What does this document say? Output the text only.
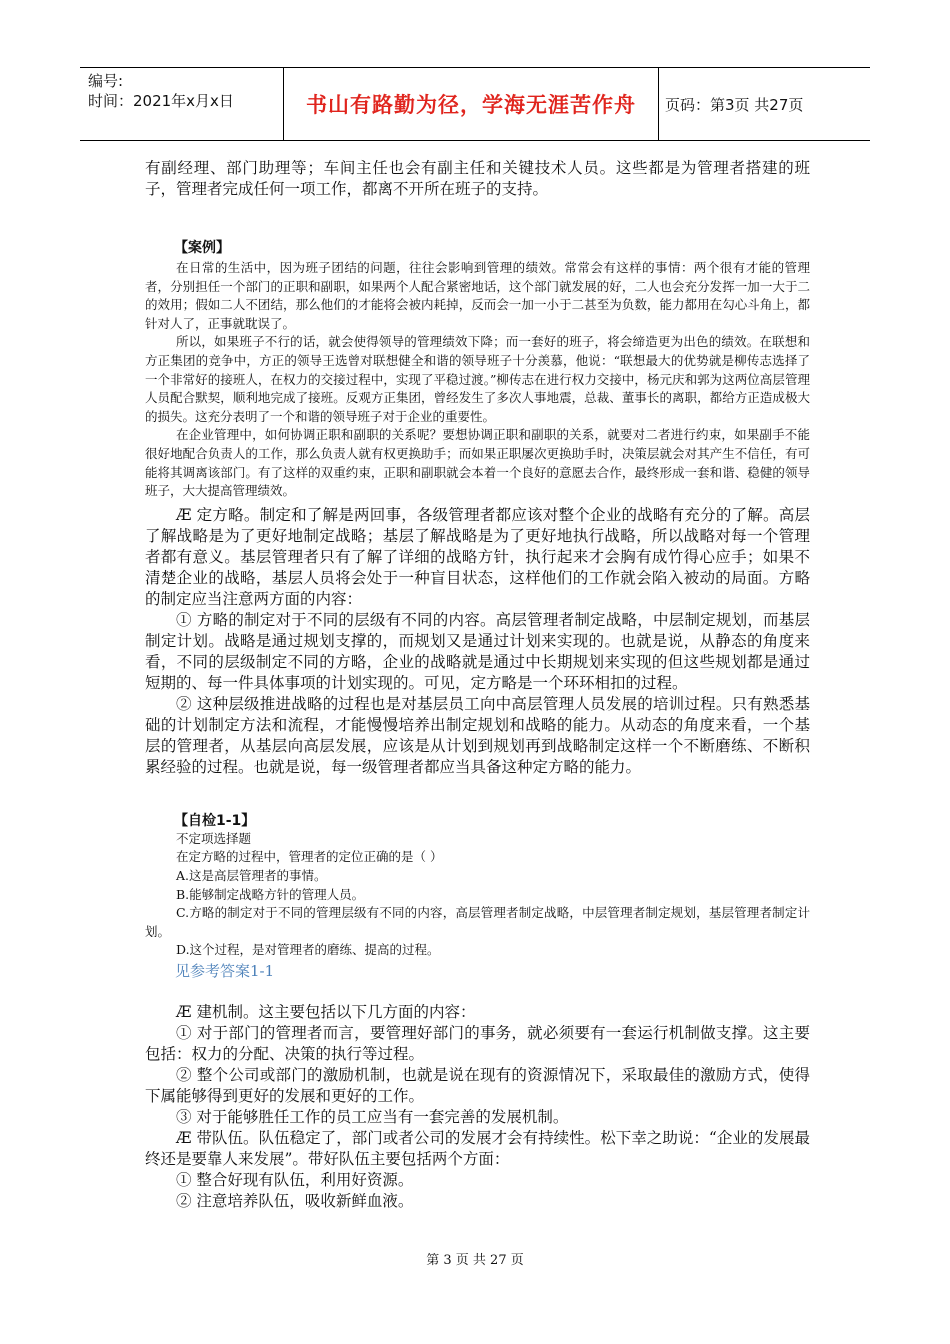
编号:
时间：2021年x月x日	书山有路勤为径，学海无涯苦作舟	页码：第3页 共27页

有副经理、部门助理等；车间主任也会有副主任和关键技术人员。这些都是为管理者搭建的班子，管理者完成任何一项工作，都离不开所在班子的支持。

【案例】

在日常的生活中，因为班子团结的问题，往往会影响到管理的绩效。常常会有这样的事情：两个很有才能的管理者，分别担任一个部门的正职和副职，如果两个人配合紧密地话，这个部门就发展的好，二人也会充分发挥一加一大于二的效用；假如二人不团结，那么他们的才能将会被内耗掉，反而会一加一小于二甚至为负数，能力都用在勾心斗角上，都针对人了，正事就耽误了。

所以，如果班子不行的话，就会使得领导的管理绩效下降；而一套好的班子，将会缔造更为出色的绩效。在联想和方正集团的竞争中，方正的领导王选曾对联想健全和谐的领导班子十分羡慕，他说：“联想最大的优势就是柳传志选择了一个非常好的接班人，在权力的交接过程中，实现了平稳过渡。”柳传志在进行权力交接中，杨元庆和郭为这两位高层管理人员配合默契，顺利地完成了接班。反观方正集团，曾经发生了多次人事地震，总裁、董事长的离职，都给方正造成极大的损失。这充分表明了一个和谐的领导班子对于企业的重要性。

在企业管理中，如何协调正职和副职的关系呢？要想协调正职和副职的关系，就要对二者进行约束，如果副手不能很好地配合负责人的工作，那么负责人就有权更换助手；而如果正职屡次更换助手时，决策层就会对其产生不信任，有可能将其调离该部门。有了这样的双重约束，正职和副职就会本着一个良好的意愿去合作，最终形成一套和谐、稳健的领导班子，大大提高管理绩效。

Æ 定方略。制定和了解是两回事，各级管理者都应该对整个企业的战略有充分的了解。高层了解战略是为了更好地制定战略；基层了解战略是为了更好地执行战略，所以战略对每一个管理者都有意义。基层管理者只有了解了详细的战略方针，执行起来才会胸有成竹得心应手；如果不清楚企业的战略，基层人员将会处于一种盲目状态，这样他们的工作就会陷入被动的局面。方略的制定应当注意两方面的内容：

① 方略的制定对于不同的层级有不同的内容。高层管理者制定战略，中层制定规划，而基层制定计划。战略是通过规划支撑的，而规划又是通过计划来实现的。也就是说，从静态的角度来看，不同的层级制定不同的方略，企业的战略就是通过中长期规划来实现的但这些规划都是通过短期的、每一件具体事项的计划实现的。可见，定方略是一个环环相扣的过程。

② 这种层级推进战略的过程也是对基层员工向中高层管理人员发展的培训过程。只有熟悉基础的计划制定方法和流程，才能慢慢培养出制定规划和战略的能力。从动态的角度来看，一个基层的管理者，从基层向高层发展，应该是从计划到规划再到战略制定这样一个不断磨练、不断积累经验的过程。也就是说，每一级管理者都应当具备这种定方略的能力。

【自检1-1】

不定项选择题

在定方略的过程中，管理者的定位正确的是（ ）

A.这是高层管理者的事情。

B.能够制定战略方针的管理人员。

C.方略的制定对于不同的管理层级有不同的内容，高层管理者制定战略，中层管理者制定规划，基层管理者制定计划。

D.这个过程，是对管理者的磨练、提高的过程。

见参考答案1-1

Æ 建机制。这主要包括以下几方面的内容：

① 对于部门的管理者而言，要管理好部门的事务，就必须要有一套运行机制做支撑。这主要包括：权力的分配、决策的执行等过程。

② 整个公司或部门的激励机制，也就是说在现有的资源情况下，采取最佳的激励方式，使得下属能够得到更好的发展和更好的工作。

③ 对于能够胜任工作的员工应当有一套完善的发展机制。

Æ 带队伍。队伍稳定了，部门或者公司的发展才会有持续性。松下幸之助说：“企业的发展最终还是要靠人来发展”。带好队伍主要包括两个方面：

① 整合好现有队伍，利用好资源。

② 注意培养队伍，吸收新鲜血液。

第 3 页 共 27 页
